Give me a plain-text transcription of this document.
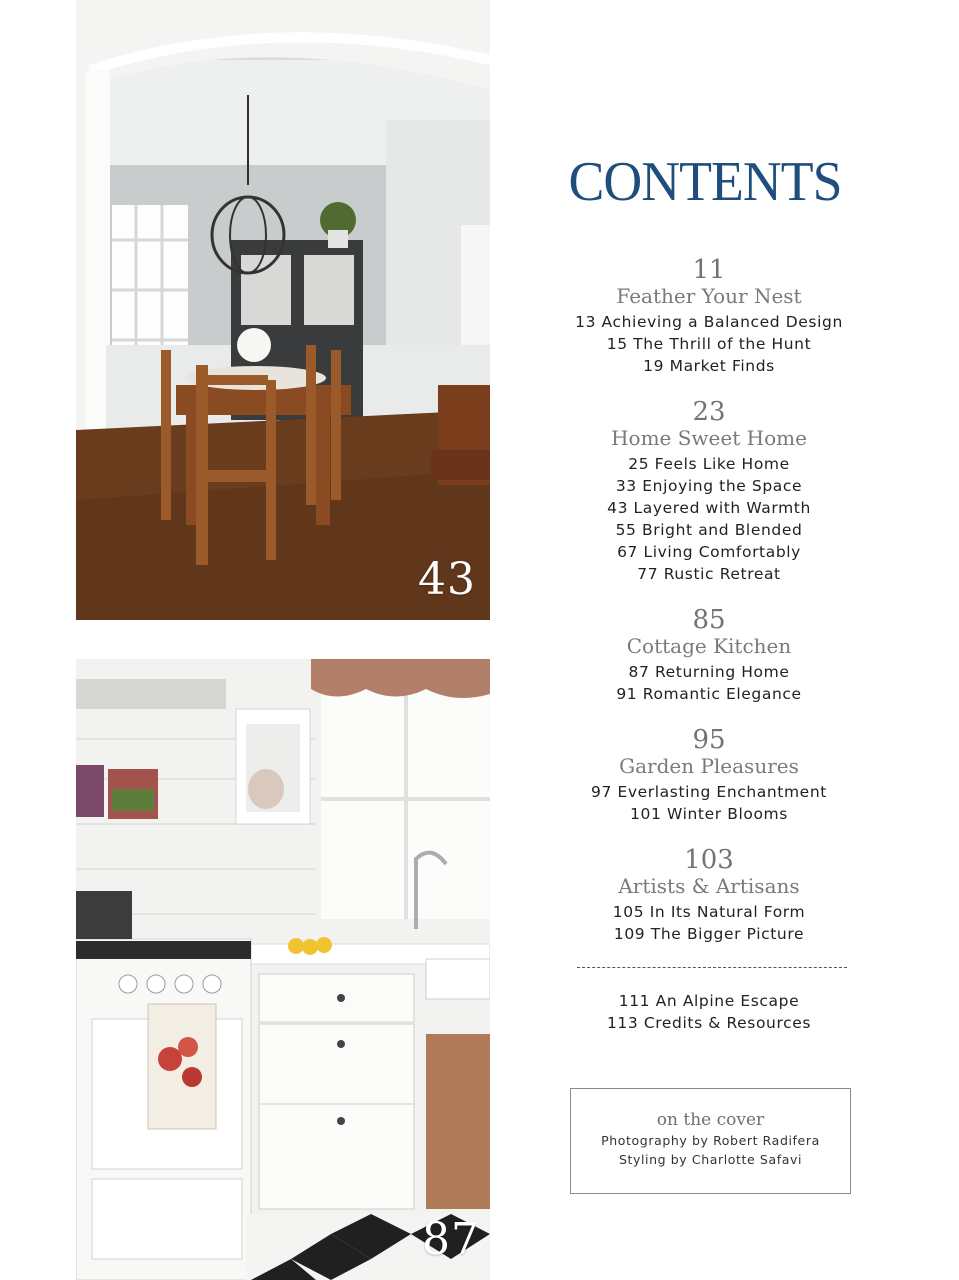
43
87
CONTENTS
11
Feather Your Nest
13 Achieving a Balanced Design
15 The Thrill of the Hunt
19 Market Finds
23
Home Sweet Home
25 Feels Like Home
33 Enjoying the Space
43 Layered with Warmth
55 Bright and Blended
67 Living Comfortably
77 Rustic Retreat
85
Cottage Kitchen
87 Returning Home
91 Romantic Elegance
95
Garden Pleasures
97 Everlasting Enchantment
101 Winter Blooms
103
Artists & Artisans
105 In Its Natural Form
109 The Bigger Picture
111 An Alpine Escape
113 Credits & Resources
on the cover
Photography by Robert Radifera
Styling by Charlotte Safavi
